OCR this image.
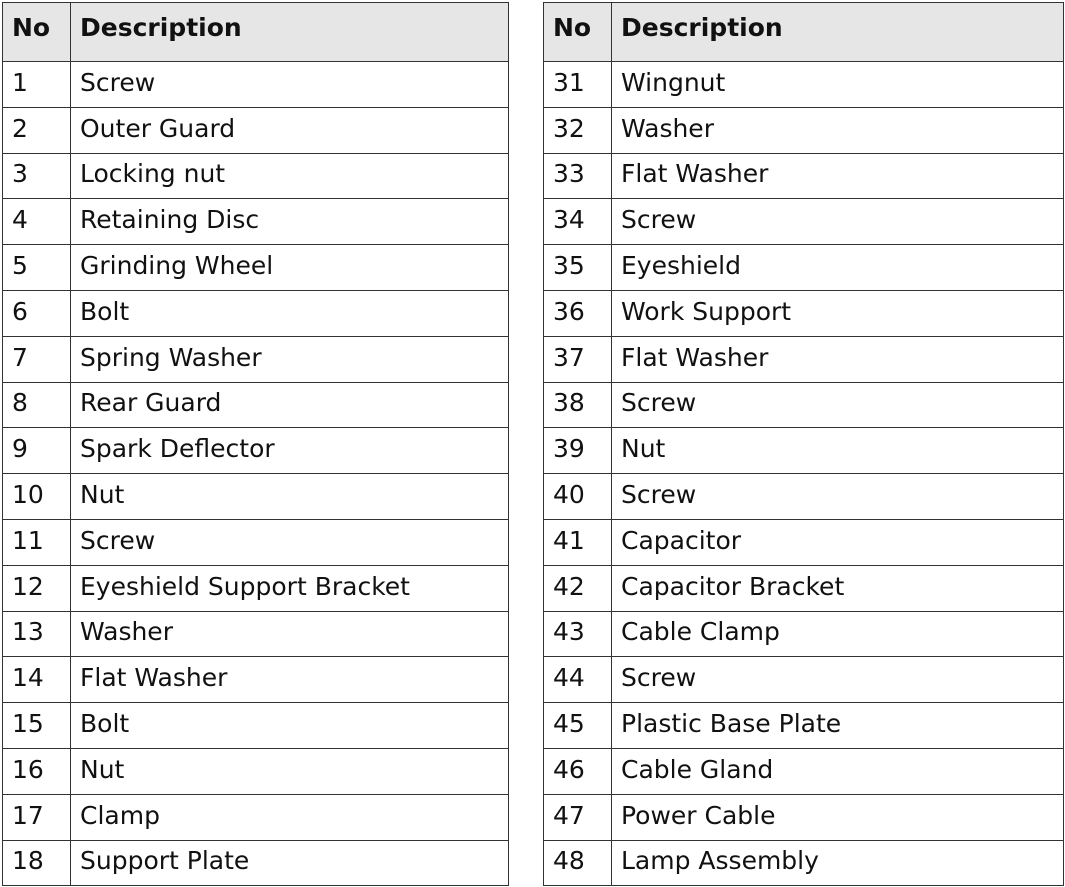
No	Description
1	Screw
2	Outer Guard
3	Locking nut
4	Retaining Disc
5	Grinding Wheel
6	Bolt
7	Spring Washer
8	Rear Guard
9	Spark Deflector
10	Nut
11	Screw
12	Eyeshield Support Bracket
13	Washer
14	Flat Washer
15	Bolt
16	Nut
17	Clamp
18	Support Plate
No	Description
31	Wingnut
32	Washer
33	Flat Washer
34	Screw
35	Eyeshield
36	Work Support
37	Flat Washer
38	Screw
39	Nut
40	Screw
41	Capacitor
42	Capacitor Bracket
43	Cable Clamp
44	Screw
45	Plastic Base Plate
46	Cable Gland
47	Power Cable
48	Lamp Assembly
